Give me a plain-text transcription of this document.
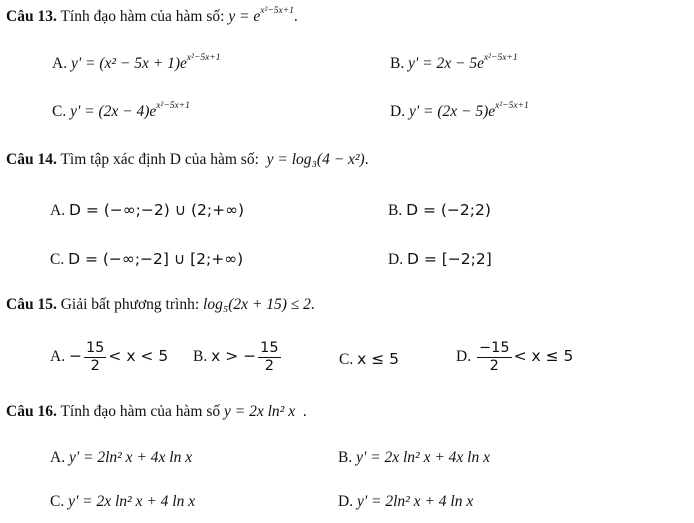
Câu 13. Tính đạo hàm của hàm số: $y = e^{x^2-5x+1}$.
A. $y' = (x^2 - 5x + 1)e^{x^2-5x+1}$	B. $y' = 2x - 5e^{x^2-5x+1}$
C. $y' = (2x - 4)e^{x^2-5x+1}$	D. $y' = (2x - 5)e^{x^2-5x+1}$
Câu 14. Tìm tập xác định D của hàm số: y = log₃(4 − x²).
A. D = (−∞;−2) ∪ (2;+∞)	B. D = (−2;2)
C. D = (−∞;−2] ∪ [2;+∞)	D. D = [−2;2]
Câu 15. Giải bất phương trình: log₅(2x + 15) ≤ 2.
A. − $\frac{15}{2} < x < 5$ B. x > − $\frac{15}{2}$	C. x ≤ 5	D. $\frac{-15}{2} < x \le 5$
Câu 16. Tính đạo hàm của hàm số y = 2x ln² x .
A. y' = 2ln² x + 4x ln x	B. y' = 2x ln² x + 4x ln x
C. y' = 2x ln² x + 4 ln x	D. y' = 2ln² x + 4 ln x
